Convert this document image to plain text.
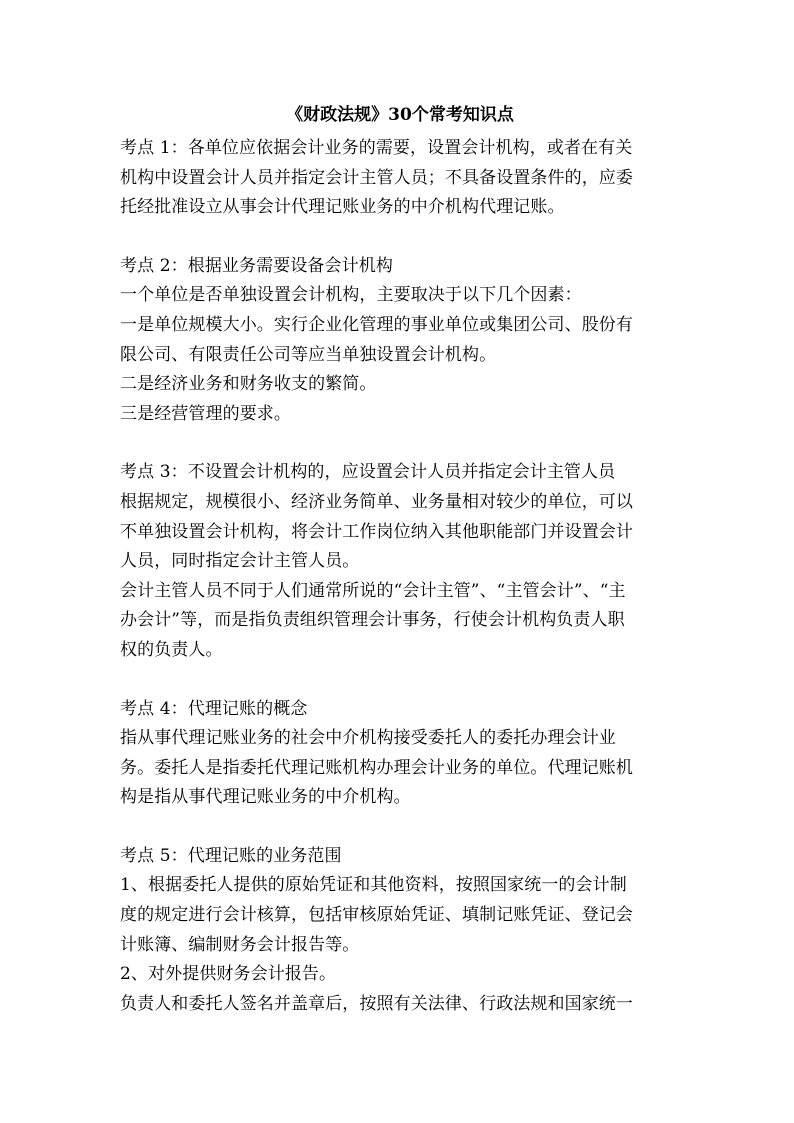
《财政法规》30个常考知识点
考点 1：各单位应依据会计业务的需要，设置会计机构，或者在有关
机构中设置会计人员并指定会计主管人员；不具备设置条件的，应委
托经批准设立从事会计代理记账业务的中介机构代理记账。
考点 2：根据业务需要设备会计机构
一个单位是否单独设置会计机构，主要取决于以下几个因素：
一是单位规模大小。实行企业化管理的事业单位或集团公司、股份有
限公司、有限责任公司等应当单独设置会计机构。
二是经济业务和财务收支的繁简。
三是经营管理的要求。
考点 3：不设置会计机构的，应设置会计人员并指定会计主管人员
根据规定，规模很小、经济业务简单、业务量相对较少的单位，可以
不单独设置会计机构，将会计工作岗位纳入其他职能部门并设置会计
人员，同时指定会计主管人员。
会计主管人员不同于人们通常所说的“会计主管”、“主管会计”、“主
办会计”等，而是指负责组织管理会计事务，行使会计机构负责人职
权的负责人。
考点 4：代理记账的概念
指从事代理记账业务的社会中介机构接受委托人的委托办理会计业
务。委托人是指委托代理记账机构办理会计业务的单位。代理记账机
构是指从事代理记账业务的中介机构。
考点 5：代理记账的业务范围
1、根据委托人提供的原始凭证和其他资料，按照国家统一的会计制
度的规定进行会计核算，包括审核原始凭证、填制记账凭证、登记会
计账簿、编制财务会计报告等。
2、对外提供财务会计报告。
负责人和委托人签名并盖章后，按照有关法律、行政法规和国家统一
